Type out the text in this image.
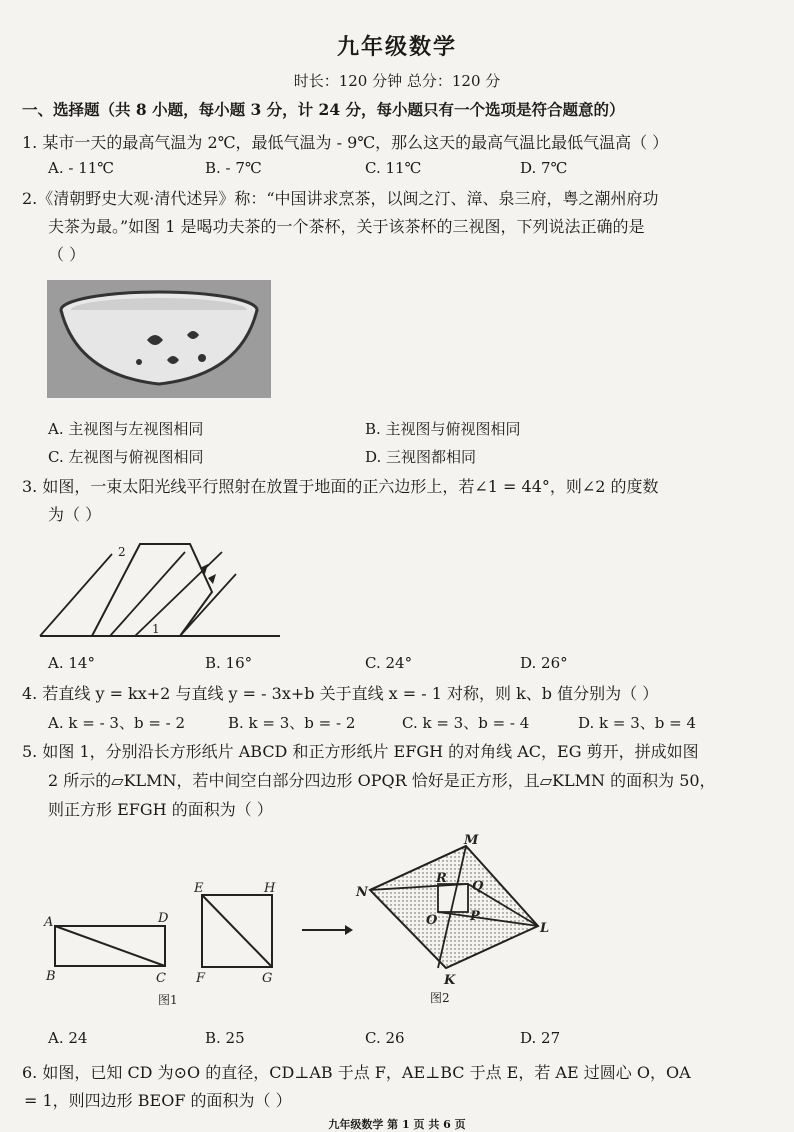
九年级数学
时长：120 分钟 总分：120 分
一、选择题（共 8 小题，每小题 3 分，计 24 分，每小题只有一个选项是符合题意的）
1. 某市一天的最高气温为 2℃，最低气温为 - 9℃，那么这天的最高气温比最低气温高（ ）
A. - 11℃	B. - 7℃	C. 11℃	D. 7℃
2.《清朝野史大观·清代述异》称：“中国讲求烹茶，以闽之汀、漳、泉三府，粤之潮州府功
夫茶为最。”如图 1 是喝功夫茶的一个茶杯，关于该茶杯的三视图，下列说法正确的是
（ ）
A. 主视图与左视图相同	B. 主视图与俯视图相同
C. 左视图与俯视图相同	D. 三视图都相同
3. 如图，一束太阳光线平行照射在放置于地面的正六边形上，若∠1 = 44°，则∠2 的度数
为（ ）
2
1
A. 14°	B. 16°	C. 24°	D. 26°
4. 若直线 y = kx+2 与直线 y = - 3x+b 关于直线 x = - 1 对称，则 k、b 值分别为（ ）
A. k = - 3、b = - 2	B. k = 3、b = - 2	C. k = 3、b = - 4	D. k = 3、b = 4
5. 如图 1，分别沿长方形纸片 ABCD 和正方形纸片 EFGH 的对角线 AC，EG 剪开，拼成如图
2 所示的▱KLMN，若中间空白部分四边形 OPQR 恰好是正方形，且▱KLMN 的面积为 50，
则正方形 EFGH 的面积为（ ）
A	D
B	C
E	H
F	G
图1
M
N
L
K
R
Q
O	P
图2
A. 24	B. 25	C. 26	D. 27
6. 如图，已知 CD 为⊙O 的直径，CD⊥AB 于点 F，AE⊥BC 于点 E，若 AE 过圆心 O，OA
= 1，则四边形 BEOF 的面积为（ ）
九年级数学 第 1 页 共 6 页
